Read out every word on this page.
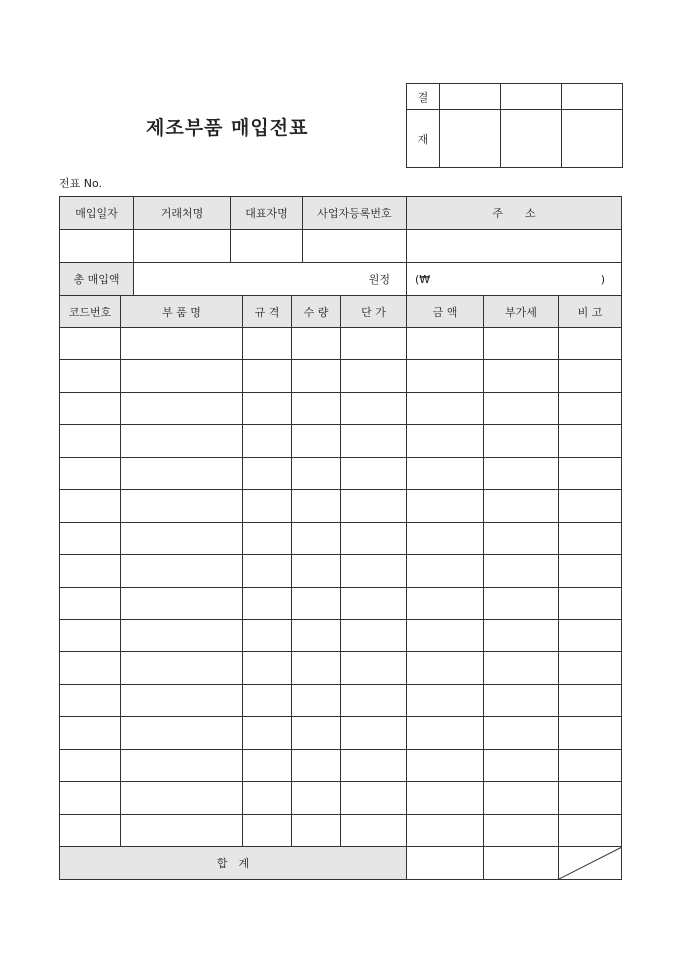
제조부품 매입전표
결			
재			
전표 No.
매입일자	거래처명	대표자명	사업자등록번호	주　　소

총 매입액	원정			(₩ )
코드번호	부 품 명	규 격	수 량	단 가	금 액	부가세	비 고

합　계			
